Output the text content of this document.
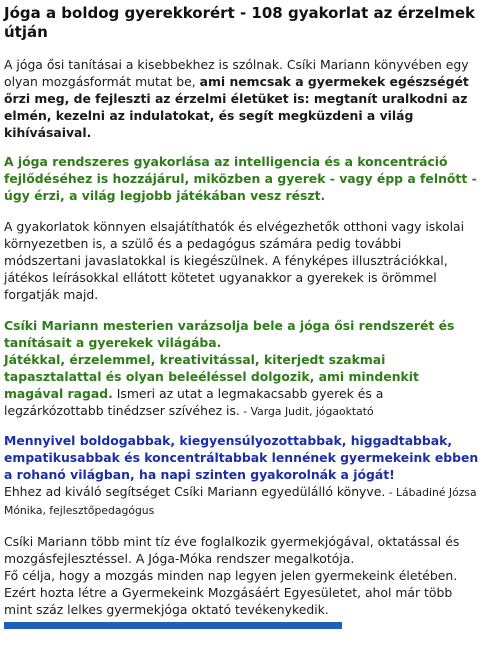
Jóga a boldog gyerekkorért - 108 gyakorlat az érzelmek útján

A jóga ősi tanításai a kisebbekhez is szólnak. Csíki Mariann könyvében egy olyan mozgásformát mutat be, ami nemcsak a gyermekek egészségét őrzi meg, de fejleszti az érzelmi életüket is: megtanít uralkodni az elmén, kezelni az indulatokat, és segít megküzdeni a világ kihívásaival.

A jóga rendszeres gyakorlása az intelligencia és a koncentráció fejlődéséhez is hozzájárul, miközben a gyerek - vagy épp a felnőtt - úgy érzi, a világ legjobb játékában vesz részt.

A gyakorlatok könnyen elsajátíthatók és elvégezhetők otthoni vagy iskolai környezetben is, a szülő és a pedagógus számára pedig további módszertani javaslatokkal is kiegészülnek. A fényképes illusztrációkkal, játékos leírásokkal ellátott kötetet ugyanakkor a gyerekek is örömmel forgatják majd.

Csíki Mariann mesterien varázsolja bele a jóga ősi rendszerét és tanításait a gyerekek világába.
Játékkal, érzelemmel, kreativitással, kiterjedt szakmai tapasztalattal és olyan beleéléssel dolgozik, ami mindenkit magával ragad. Ismeri az utat a legmakacsabb gyerek és a legzárkózottabb tinédzser szívéhez is. - Varga Judit, jógaoktató

Mennyivel boldogabbak, kiegyensúlyozottabbak, higgadtabbak, empatikusabbak és koncentráltabbak lennének gyermekeink ebben a rohanó világban, ha napi szinten gyakorolnák a jógát!
Ehhez ad kiváló segítséget Csíki Mariann egyedülálló könyve. - Lábadiné Józsa Mónika, fejlesztőpedagógus

Csíki Mariann több mint tíz éve foglalkozik gyermekjógával, oktatással és mozgásfejlesztéssel. A Jóga-Móka rendszer megalkotója.
Fő célja, hogy a mozgás minden nap legyen jelen gyermekeink életében. Ezért hozta létre a Gyermekeink Mozgásáért Egyesületet, ahol már több mint száz lelkes gyermekjóga oktató tevékenykedik.
